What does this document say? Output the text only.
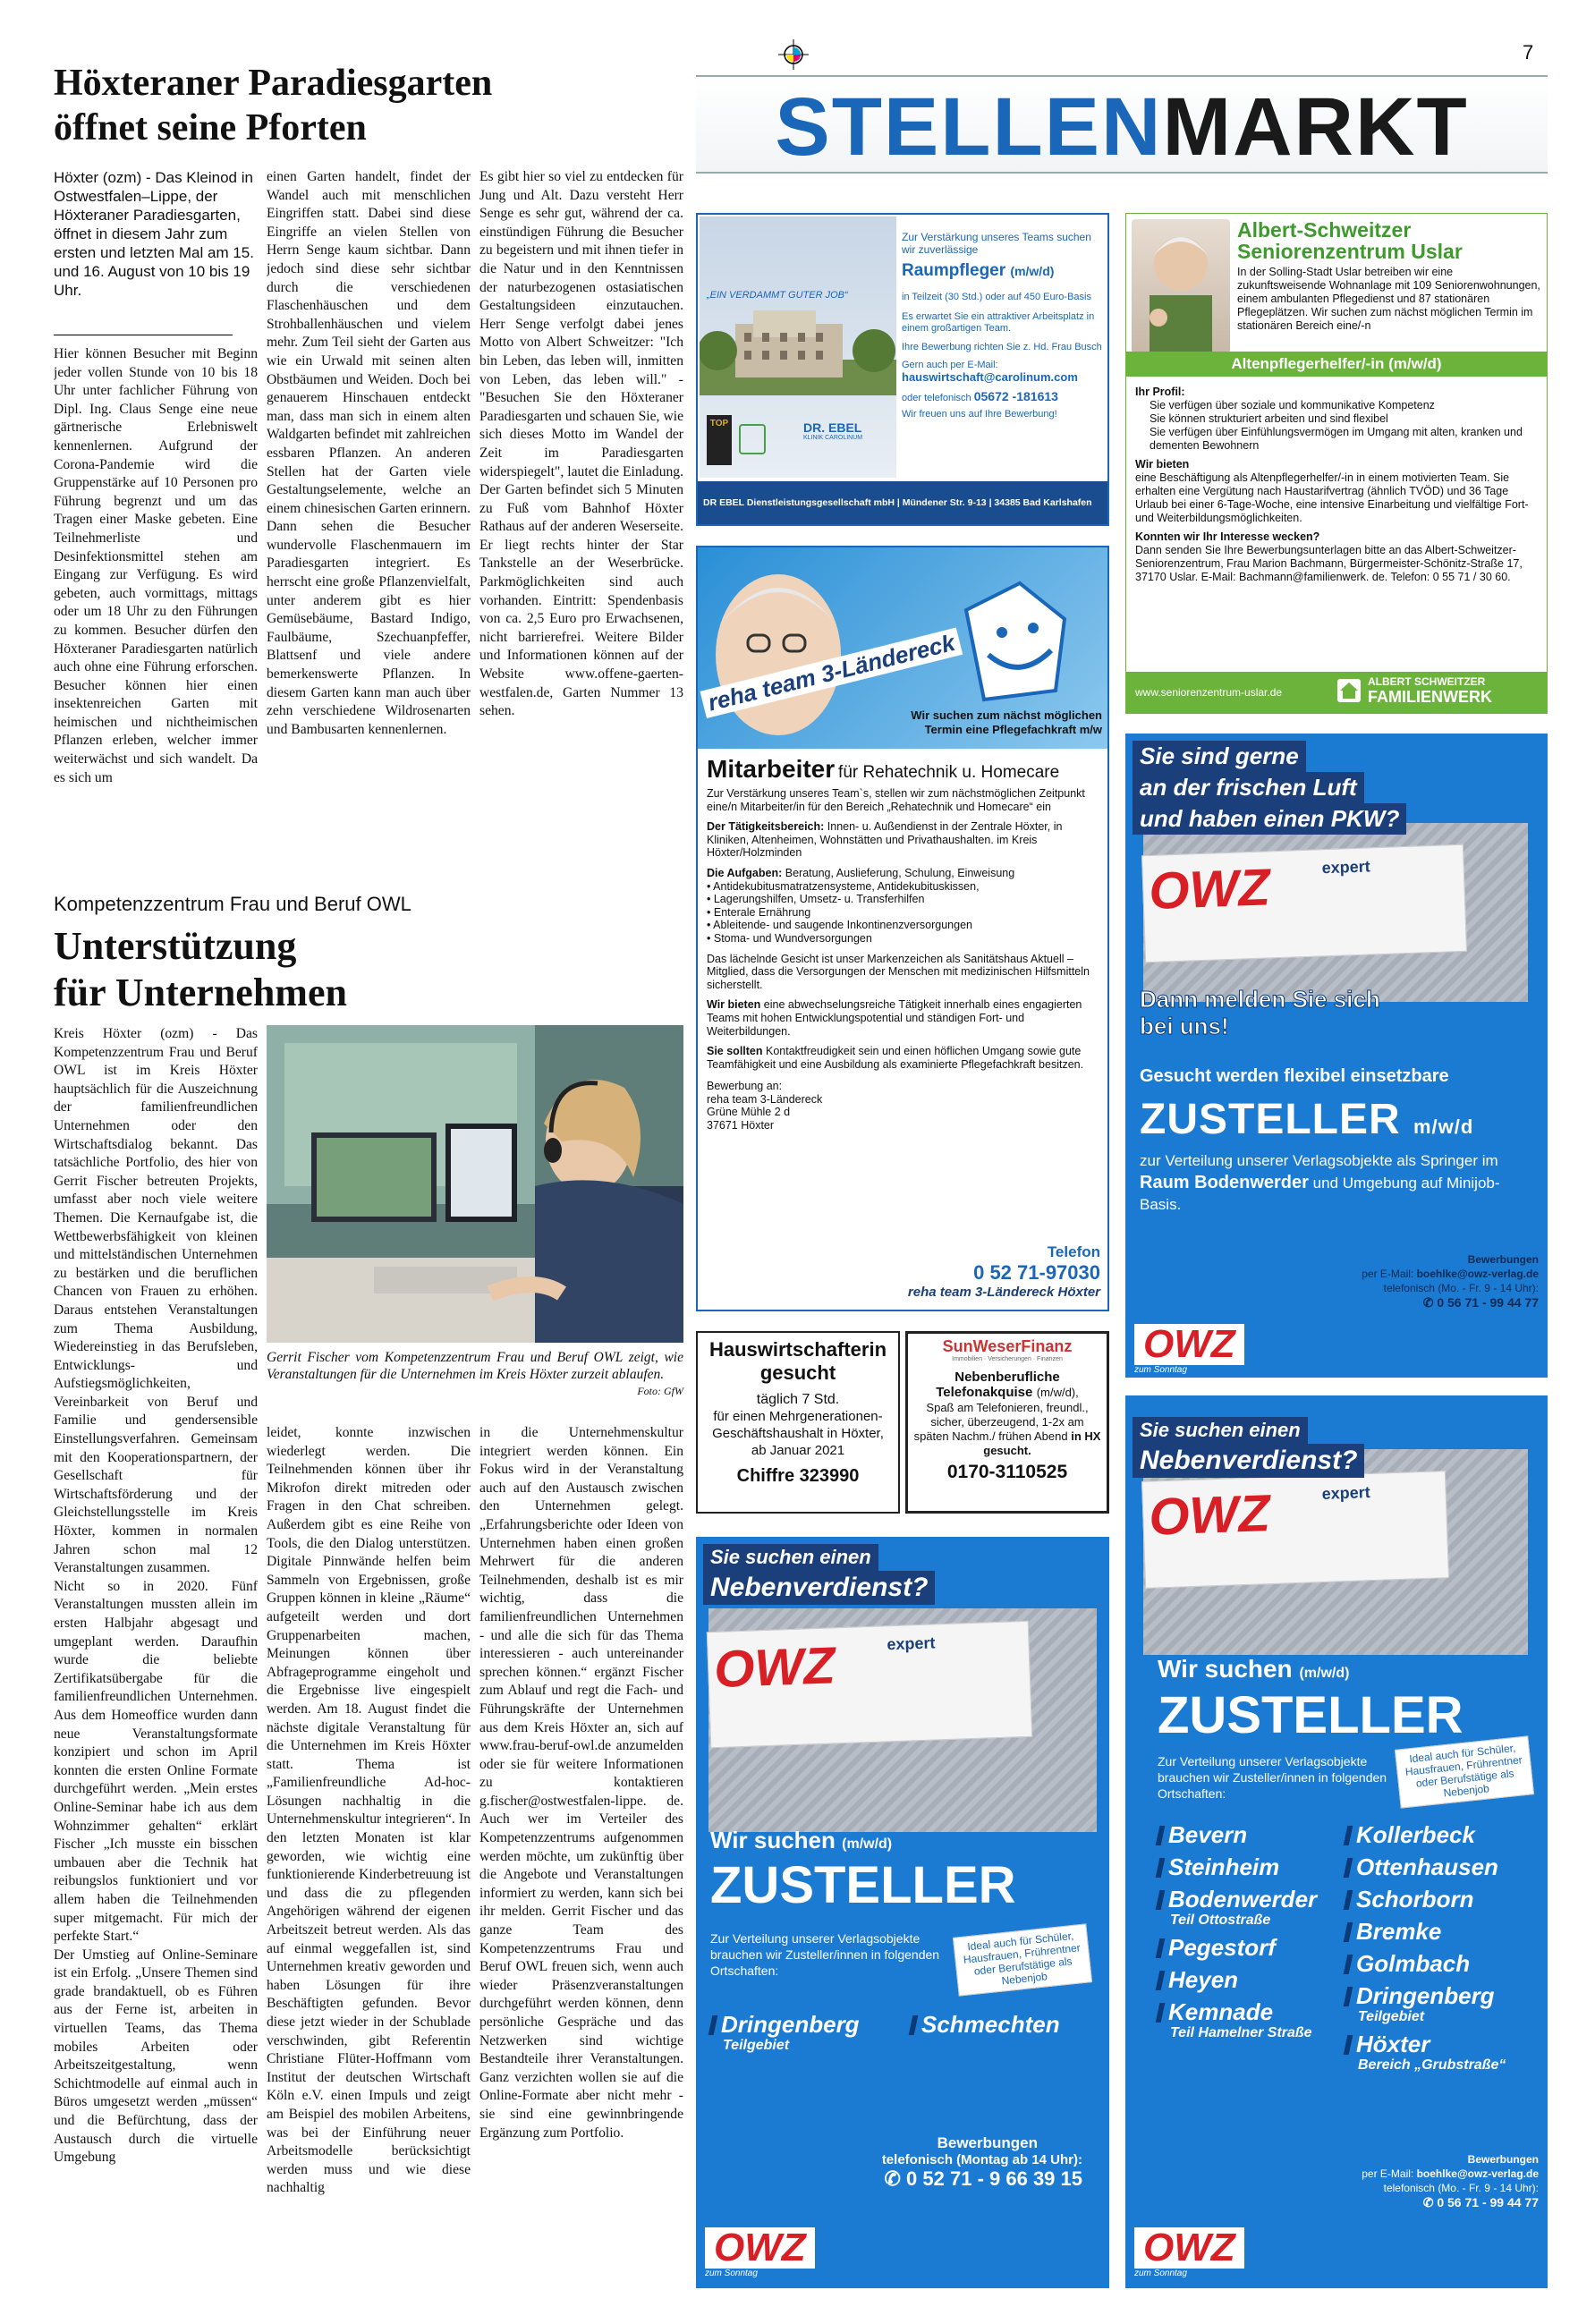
7
Höxteraner Paradiesgarten
öffnet seine Pforten
Höxter (ozm) - Das Kleinod in Ostwestfalen–Lippe, der Höxteraner Paradiesgarten, öffnet in diesem Jahr zum ersten und letzten Mal am 15. und 16. August von 10 bis 19 Uhr.
Hier können Besucher mit Beginn jeder vollen Stunde von 10 bis 18 Uhr unter fachlicher Führung von Dipl. Ing. Claus Senge eine neue gärtnerische Erlebniswelt kennenlernen. Aufgrund der Corona-Pandemie wird die Gruppenstärke auf 10 Personen pro Führung begrenzt und um das Tragen einer Maske gebeten. Eine Teilnehmerliste und Desinfektionsmittel stehen am Eingang zur Verfügung. Es wird gebeten, auch vormittags, mittags oder um 18 Uhr zu den Führungen zu kommen. Besucher dürfen den Höxteraner Paradiesgarten natürlich auch ohne eine Führung erforschen. Besucher können hier einen insektenreichen Garten mit heimischen und nichtheimischen Pflanzen erleben, welcher immer weiterwächst und sich wandelt. Da es sich um
einen Garten handelt, findet der Wandel auch mit menschlichen Eingriffen statt. Dabei sind diese Eingriffe an vielen Stellen von Herrn Senge kaum sichtbar. Dann jedoch sind diese sehr sichtbar durch die verschiedenen Flaschenhäuschen und dem Strohballenhäuschen und vielem mehr. Zum Teil sieht der Garten aus wie ein Urwald mit seinen alten Obstbäumen und Weiden. Doch bei genauerem Hinschauen entdeckt man, dass man sich in einem alten Waldgarten befindet mit zahlreichen essbaren Pflanzen. An anderen Stellen hat der Garten viele Gestaltungselemente, welche an einem chinesischen Garten erinnern. Dann sehen die Besucher wundervolle Flaschenmauern im Paradiesgarten integriert. Es herrscht eine große Pflanzenvielfalt, unter anderem gibt es hier Gemüsebäume, Bastard Indigo, Faulbäume, Szechuanpfeffer, Blattsenf und viele andere bemerkenswerte Pflanzen. In diesem Garten kann man auch über zehn verschiedene Wildrosenarten und Bambusarten kennenlernen.
Es gibt hier so viel zu entdecken für Jung und Alt. Dazu versteht Herr Senge es sehr gut, während der ca. einstündigen Führung die Besucher zu begeistern und mit ihnen tiefer in die Natur und in den Kenntnissen der naturbezogenen ostasiatischen Gestaltungsideen einzutauchen. Herr Senge verfolgt dabei jenes Motto von Albert Schweitzer: "Ich bin Leben, das leben will, inmitten von Leben, das leben will." - "Besuchen Sie den Höxteraner Paradiesgarten und schauen Sie, wie sich dieses Motto im Wandel der Zeit im Paradiesgarten widerspiegelt", lautet die Einladung. Der Garten befindet sich 5 Minuten zu Fuß vom Bahnhof Höxter Rathaus auf der anderen Weserseite. Er liegt rechts hinter der Star Tankstelle an der Weserbrücke. Parkmöglichkeiten sind auch vorhanden. Eintritt: Spendenbasis von ca. 2,5 Euro pro Erwachsenen, nicht barrierefrei. Weitere Bilder und Informationen können auf der Website www.offene-gaerten-westfalen.de, Garten Nummer 13 sehen.
Kompetenzzentrum Frau und Beruf OWL
Unterstützung
für Unternehmen

Kreis Höxter (ozm) - Das Kompetenzzentrum Frau und Beruf OWL ist im Kreis Höxter hauptsächlich für die Auszeichnung der familienfreundlichen Unternehmen oder den Wirtschaftsdialog bekannt. Das tatsächliche Portfolio, des hier von Gerrit Fischer betreuten Projekts, umfasst aber noch viele weitere Themen. Die Kernaufgabe ist, die Wettbewerbsfähigkeit von kleinen und mittelständischen Unternehmen zu bestärken und die beruflichen Chancen von Frauen zu erhöhen. Daraus entstehen Veranstaltungen zum Thema Ausbildung, Wiedereinstieg in das Berufsleben, Entwicklungs- und Aufstiegsmöglichkeiten, Vereinbarkeit von Beruf und Familie und gendersensible Einstellungsverfahren. Gemeinsam mit den Kooperationspartnern, der Gesellschaft für Wirtschaftsförderung und der Gleichstellungsstelle im Kreis Höxter, kommen in normalen Jahren schon mal 12 Veranstaltungen zusammen.

Nicht so in 2020. Fünf Veranstaltungen mussten allein im ersten Halbjahr abgesagt und umgeplant werden. Daraufhin wurde die beliebte Zertifikatsübergabe für die familienfreundlichen Unternehmen. Aus dem Homeoffice wurden dann neue Veranstaltungsformate konzipiert und schon im April konnten die ersten Online Formate durchgeführt werden. „Mein erstes Online-Seminar habe ich aus dem Wohnzimmer gehalten“ erklärt Fischer „Ich musste ein bisschen umbauen aber die Technik hat reibungslos funktioniert und vor allem haben die Teilnehmenden super mitgemacht. Für mich der perfekte Start.“

Der Umstieg auf Online-Seminare ist ein Erfolg. „Unsere Themen sind grade brandaktuell, ob es Führen aus der Ferne ist, arbeiten in virtuellen Teams, das Thema mobiles Arbeiten oder Arbeitszeitgestaltung, wenn Schichtmodelle auf einmal auch in Büros umgesetzt werden „müssen“ und die Befürchtung, dass der Austausch durch die virtuelle Umgebung

Gerrit Fischer vom Kompetenzzentrum Frau und Beruf OWL zeigt, wie Veranstaltungen für die Unternehmen im Kreis Höxter zurzeit ablaufen.
Foto: GfW
leidet, konnte inzwischen wiederlegt werden. Die Teilnehmenden können über ihr Mikrofon direkt mitreden oder Fragen in den Chat schreiben. Außerdem gibt es eine Reihe von Tools, die den Dialog unterstützen. Digitale Pinnwände helfen beim Sammeln von Ergebnissen, große Gruppen können in kleine „Räume“ aufgeteilt werden und dort Gruppenarbeiten machen, Meinungen können über Abfrageprogramme eingeholt und die Ergebnisse live eingespielt werden. Am 18. August findet die nächste digitale Veranstaltung für die Unternehmen im Kreis Höxter statt. Thema ist „Familienfreundliche Ad-hoc-Lösungen nachhaltig in die Unternehmenskultur integrieren“. In den letzten Monaten ist klar geworden, wie wichtig eine funktionierende Kinderbetreuung ist und dass die zu pflegenden Angehörigen während der eigenen Arbeitszeit betreut werden. Als das auf einmal weggefallen ist, sind Unternehmen kreativ geworden und haben Lösungen für ihre Beschäftigten gefunden. Bevor diese jetzt wieder in der Schublade verschwinden, gibt Referentin Christiane Flüter-Hoffmann vom Institut der deutschen Wirtschaft Köln e.V. einen Impuls und zeigt am Beispiel des mobilen Arbeitens, was bei der Einführung neuer Arbeitsmodelle berücksichtigt werden muss und wie diese nachhaltig
in die Unternehmenskultur integriert werden können. Ein Fokus wird in der Veranstaltung auch auf den Austausch zwischen den Unternehmen gelegt. „Erfahrungsberichte oder Ideen von Unternehmen haben einen großen Mehrwert für die anderen Teilnehmenden, deshalb ist es mir wichtig, dass die familienfreundlichen Unternehmen - und alle die sich für das Thema interessieren - auch untereinander sprechen können.“ ergänzt Fischer zum Ablauf und regt die Fach- und Führungskräfte der Unternehmen aus dem Kreis Höxter an, sich auf www.frau-beruf-owl.de anzumelden oder sie für weitere Informationen zu kontaktieren g.fischer@ostwestfalen-lippe. de. Auch wer im Verteiler des Kompetenzzentrums aufgenommen werden möchte, um zukünftig über die Angebote und Veranstaltungen informiert zu werden, kann sich bei ihr melden. Gerrit Fischer und das ganze Team des Kompetenzzentrums Frau und Beruf OWL freuen sich, wenn auch wieder Präsenzveranstaltungen durchgeführt werden können, denn persönliche Gespräche und das Netzwerken sind wichtige Bestandteile ihrer Veranstaltungen. Ganz verzichten wollen sie auf die Online-Formate aber nicht mehr - sie sind eine gewinnbringende Ergänzung zum Portfolio.
STELLENMARKT
„EIN VERDAMMT GUTER JOB“
TOP	DR. EBEL
KLINIK CAROLINUM
Zur Verstärkung unseres Teams suchen wir zuverlässige
Raumpfleger (m/w/d)
in Teilzeit (30 Std.) oder auf 450 Euro-Basis
Es erwartet Sie ein attraktiver Arbeitsplatz in einem großartigen Team.
Ihre Bewerbung richten Sie z. Hd. Frau Busch
Gern auch per E-Mail:
hauswirtschaft@carolinum.com
oder telefonisch 05672 -181613
Wir freuen uns auf Ihre Bewerbung!
DR EBEL Dienstleistungsgesellschaft mbH | Mündener Str. 9-13 | 34385 Bad Karlshafen
Albert-Schweitzer
Seniorenzentrum Uslar
In der Solling-Stadt Uslar betreiben wir eine zukunftsweisende Wohnanlage mit 109 Seniorenwohnungen, einem ambulanten Pflegedienst und 87 stationären Pflegeplätzen. Wir suchen zum nächst möglichen Termin im stationären Bereich eine/-n
Altenpflegerhelfer/-in (m/w/d)
Ihr Profil:
Sie verfügen über soziale und kommunikative Kompetenz
Sie können strukturiert arbeiten und sind flexibel
Sie verfügen über Einfühlungsvermögen im Umgang mit alten, kranken und dementen Bewohnern
Wir bieten
eine Beschäftigung als Altenpflegerhelfer/-in in einem motivierten Team. Sie erhalten eine Vergütung nach Haustarifvertrag (ähnlich TVÖD) und 36 Tage Urlaub bei einer 6-Tage-Woche, eine intensive Einarbeitung und vielfältige Fort- und Weiterbildungsmöglichkeiten.
Konnten wir Ihr Interesse wecken?
Dann senden Sie Ihre Bewerbungsunterlagen bitte an das Albert-Schweitzer-Seniorenzentrum, Frau Marion Bachmann, Bürgermeister-Schönitz-Straße 17, 37170 Uslar. E-Mail: Bachmann@familienwerk. de. Telefon: 0 55 71 / 30 60.
www.seniorenzentrum-uslar.de
ALBERT SCHWEITZER
FAMILIENWERK
reha team 3-Ländereck
Wir suchen zum nächst möglichen Termin eine Pflegefachkraft m/w
Mitarbeiter für Rehatechnik u. Homecare
Zur Verstärkung unseres Team`s, stellen wir zum nächstmöglichen Zeitpunkt eine/n Mitarbeiter/in für den Bereich „Rehatechnik und Homecare“ ein
Der Tätigkeitsbereich: Innen- u. Außendienst in der Zentrale Höxter, in Kliniken, Altenheimen, Wohnstätten und Privathaushalten. im Kreis Höxter/Holzminden
Die Aufgaben: Beratung, Auslieferung, Schulung, Einweisung
• Antidekubitusmatratzensysteme, Antidekubituskissen,
• Lagerungshilfen, Umsetz- u. Transferhilfen
• Enterale Ernährung
• Ableitende- und saugende Inkontinenzversorgungen
• Stoma- und Wundversorgungen
Das lächelnde Gesicht ist unser Markenzeichen als Sanitätshaus Aktuell – Mitglied, dass die Versorgungen der Menschen mit medizinischen Hilfsmitteln sicherstellt.
Wir bieten eine abwechselungsreiche Tätigkeit innerhalb eines engagierten Teams mit hohen Entwicklungspotential und ständigen Fort- und Weiterbildungen.
Sie sollten Kontaktfreudigkeit sein und einen höflichen Umgang sowie gute Teamfähigkeit und eine Ausbildung als examinierte Pflegefachkraft besitzen.
Bewerbung an:
reha team 3-Ländereck
Grüne Mühle 2 d
37671 Höxter
Telefon
0 52 71-97030
reha team 3-Ländereck Höxter
Hauswirtschafterin gesucht
täglich 7 Std.
für einen Mehrgenerationen-Geschäftshaushalt in Höxter, ab Januar 2021
Chiffre 323990
SunWeserFinanz
Immobilien · Versicherungen · Finanzen
Nebenberufliche
Telefonakquise (m/w/d),
Spaß am Telefonieren, freundl., sicher, überzeugend, 1-2x am späten Nachm./ frühen Abend in HX gesucht.
0170-3110525
OWZ	expert
Sie sind gerne
an der frischen Luft
und haben einen PKW?
Dann melden Sie sich
bei uns!
Gesucht werden flexibel einsetzbare
ZUSTELLER m/w/d
zur Verteilung unserer Verlagsobjekte als Springer im Raum Bodenwerder und Umgebung auf Minijob-Basis.
Bewerbungen
per E-Mail: boehlke@owz-verlag.de
telefonisch (Mo. - Fr. 9 - 14 Uhr):
✆ 0 56 71 - 99 44 77
OWZ
zum Sonntag
OWZ	expert
Sie suchen einen
Nebenverdienst?
Wir suchen (m/w/d)
ZUSTELLER
Zur Verteilung unserer Verlagsobjekte brauchen wir Zusteller/innen in folgenden Ortschaften:
Ideal auch für Schüler, Hausfrauen, Frührentner oder Berufstätige als Nebenjob
Dringenberg
Teilgebiet
Schmechten
Bewerbungen
telefonisch (Montag ab 14 Uhr):
✆ 0 52 71 - 9 66 39 15
OWZ
zum Sonntag
OWZ	expert
Sie suchen einen
Nebenverdienst?
Wir suchen (m/w/d)
ZUSTELLER
Zur Verteilung unserer Verlagsobjekte brauchen wir Zusteller/innen in folgenden Ortschaften:
Ideal auch für Schüler, Hausfrauen, Frührentner oder Berufstätige als Nebenjob
Bevern
Steinheim
Bodenwerder
Teil Ottostraße
Pegestorf
Heyen
Kemnade
Teil Hamelner Straße
Kollerbeck
Ottenhausen
Schorborn
Bremke
Golmbach
Dringenberg
Teilgebiet
Höxter
Bereich „Grubstraße“
Bewerbungen
per E-Mail: boehlke@owz-verlag.de
telefonisch (Mo. - Fr. 9 - 14 Uhr):
✆ 0 56 71 - 99 44 77
OWZ
zum Sonntag
